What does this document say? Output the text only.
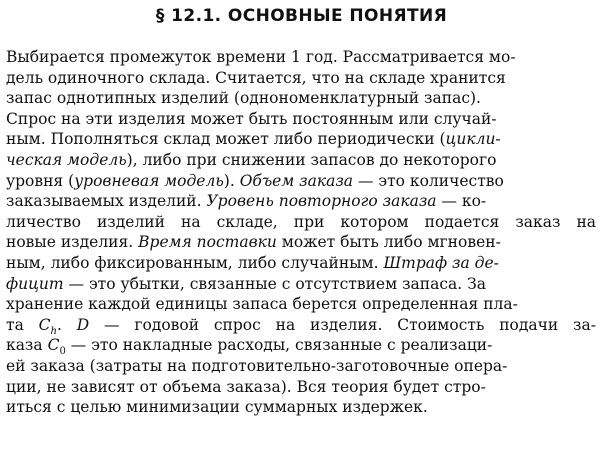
§ 12.1. ОСНОВНЫЕ ПОНЯТИЯ
Выбирается промежуток времени 1 год. Рассматривается мо-
дель одиночного склада. Считается, что на складе хранится
запас однотипных изделий (однономенклатурный запас).
Спрос на эти изделия может быть постоянным или случай-
ным. Пополняться склад может либо периодически (цикли-
ческая модель), либо при снижении запасов до некоторого
уровня (уровневая модель). Объем заказа — это количество
заказываемых изделий. Уровень повторного заказа — ко-
личество изделий на складе, при котором подается заказ на
новые изделия. Время поставки может быть либо мгновен-
ным, либо фиксированным, либо случайным. Штраф за де-
фицит — это убытки, связанные с отсутствием запаса. За
хранение каждой единицы запаса берется определенная пла-
та $C_h$. D — годовой спрос на изделия. Стоимость подачи за-
каза $C_0$ — это накладные расходы, связанные с реализаци-
ей заказа (затраты на подготовительно-заготовочные опера-
ции, не зависят от объема заказа). Вся теория будет стро-
иться с целью минимизации суммарных издержек.
